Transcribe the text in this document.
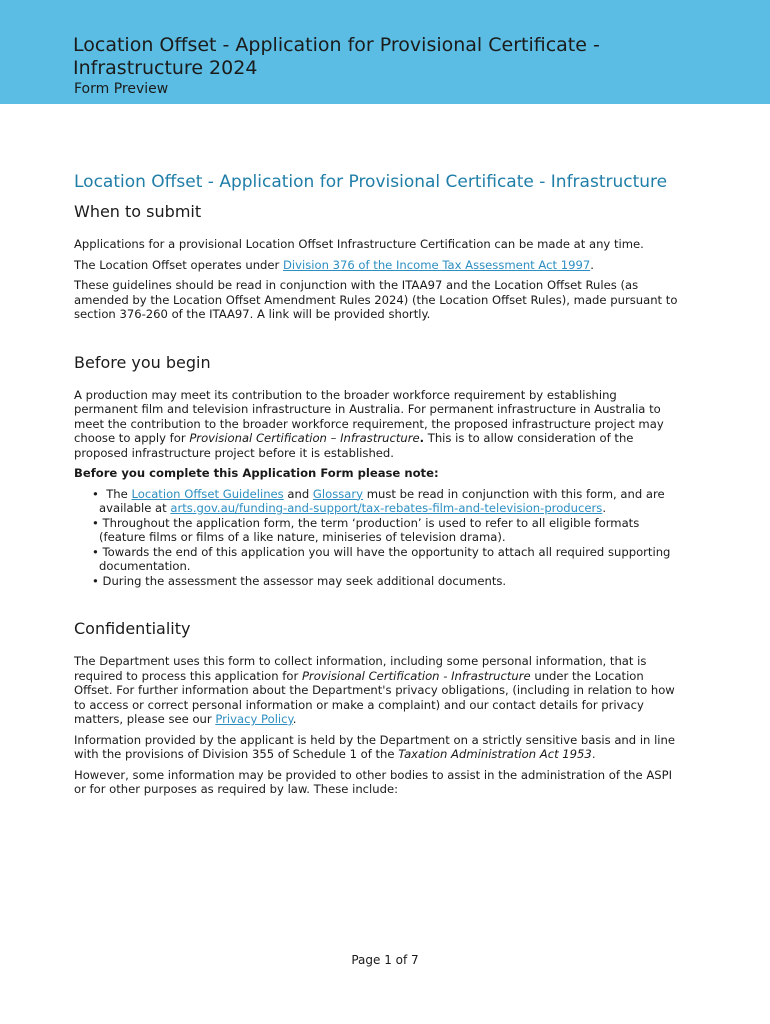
Location Offset - Application for Provisional Certificate - Infrastructure 2024
Form Preview
Location Offset - Application for Provisional Certificate - Infrastructure
When to submit

Applications for a provisional Location Offset Infrastructure Certification can be made at any time.

The Location Offset operates under Division 376 of the Income Tax Assessment Act 1997.

These guidelines should be read in conjunction with the ITAA97 and the Location Offset Rules (as amended by the Location Offset Amendment Rules 2024) (the Location Offset Rules), made pursuant to section 376-260 of the ITAA97. A link will be provided shortly.

Before you begin

A production may meet its contribution to the broader workforce requirement by establishing permanent film and television infrastructure in Australia. For permanent infrastructure in Australia to meet the contribution to the broader workforce requirement, the proposed infrastructure project may choose to apply for Provisional Certification – Infrastructure. This is to allow consideration of the proposed infrastructure project before it is established.

Before you complete this Application Form please note:
•  The Location Offset Guidelines and Glossary must be read in conjunction with this form, and are available at arts.gov.au/funding-and-support/tax-rebates-film-and-television-producers.
• Throughout the application form, the term ‘production’ is used to refer to all eligible formats (feature films or films of a like nature, miniseries of television drama).
• Towards the end of this application you will have the opportunity to attach all required supporting documentation.
• During the assessment the assessor may seek additional documents.
Confidentiality

The Department uses this form to collect information, including some personal information, that is required to process this application for Provisional Certification - Infrastructure under the Location Offset. For further information about the Department's privacy obligations, (including in relation to how to access or correct personal information or make a complaint) and our contact details for privacy matters, please see our Privacy Policy.

Information provided by the applicant is held by the Department on a strictly sensitive basis and in line with the provisions of Division 355 of Schedule 1 of the Taxation Administration Act 1953.

However, some information may be provided to other bodies to assist in the administration of the ASPI or for other purposes as required by law. These include:

Page 1 of 7
